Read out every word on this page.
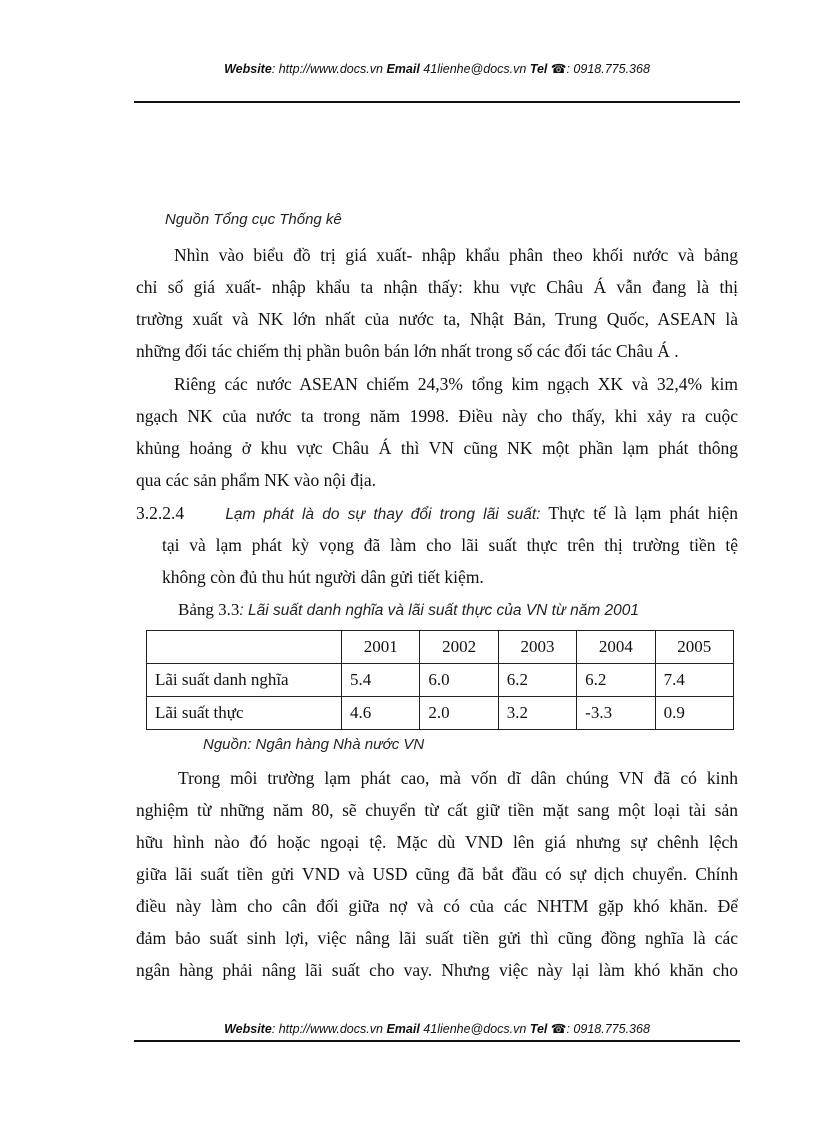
Website: http://www.docs.vn Email 41lienhe@docs.vn Tel ☎: 0918.775.368
Nguồn Tổng cục Thống kê
Nhìn vào biểu đồ trị giá xuất- nhập khẩu phân theo khối nước và bảng
chỉ số giá xuất- nhập khẩu ta nhận thấy: khu vực Châu Á vẫn đang là thị
trường xuất và NK lớn nhất của nước ta, Nhật Bản, Trung Quốc, ASEAN là
những đối tác chiếm thị phần buôn bán lớn nhất trong số các đối tác Châu Á .
Riêng các nước ASEAN chiếm 24,3% tổng kim ngạch XK và 32,4% kim
ngạch NK của nước ta trong năm 1998. Điều này cho thấy, khi xảy ra cuộc
khủng hoảng ở khu vực Châu Á thì VN cũng NK một phần lạm phát thông
qua các sản phẩm NK vào nội địa.
3.2.2.4	Lạm phát là do sự thay đổi trong lãi suất: Thực tế là lạm phát hiện
tại và lạm phát kỳ vọng đã làm cho lãi suất thực trên thị trường tiền tệ
không còn đủ thu hút người dân gửi tiết kiệm.
Bảng 3.3: Lãi suất danh nghĩa và lãi suất thực của VN từ năm 2001
	2001	2002	2003	2004	2005
Lãi suất danh nghĩa	5.4	6.0	6.2	6.2	7.4
Lãi suất thực	4.6	2.0	3.2	-3.3	0.9
Nguồn: Ngân hàng Nhà nước VN
Trong môi trường lạm phát cao, mà vốn dĩ dân chúng VN đã có kinh
nghiệm từ những năm 80, sẽ chuyển từ cất giữ tiền mặt sang một loại tài sản
hữu hình nào đó hoặc ngoại tệ. Mặc dù VND lên giá nhưng sự chênh lệch
giữa lãi suất tiền gửi VND và USD cũng đã bắt đầu có sự dịch chuyển. Chính
điều này làm cho cân đối giữa nợ và có của các NHTM gặp khó khăn. Để
đảm bảo suất sinh lợi, việc nâng lãi suất tiền gửi thì cũng đồng nghĩa là các
ngân hàng phải nâng lãi suất cho vay. Nhưng việc này lại làm khó khăn cho
Website: http://www.docs.vn Email 41lienhe@docs.vn Tel ☎: 0918.775.368
